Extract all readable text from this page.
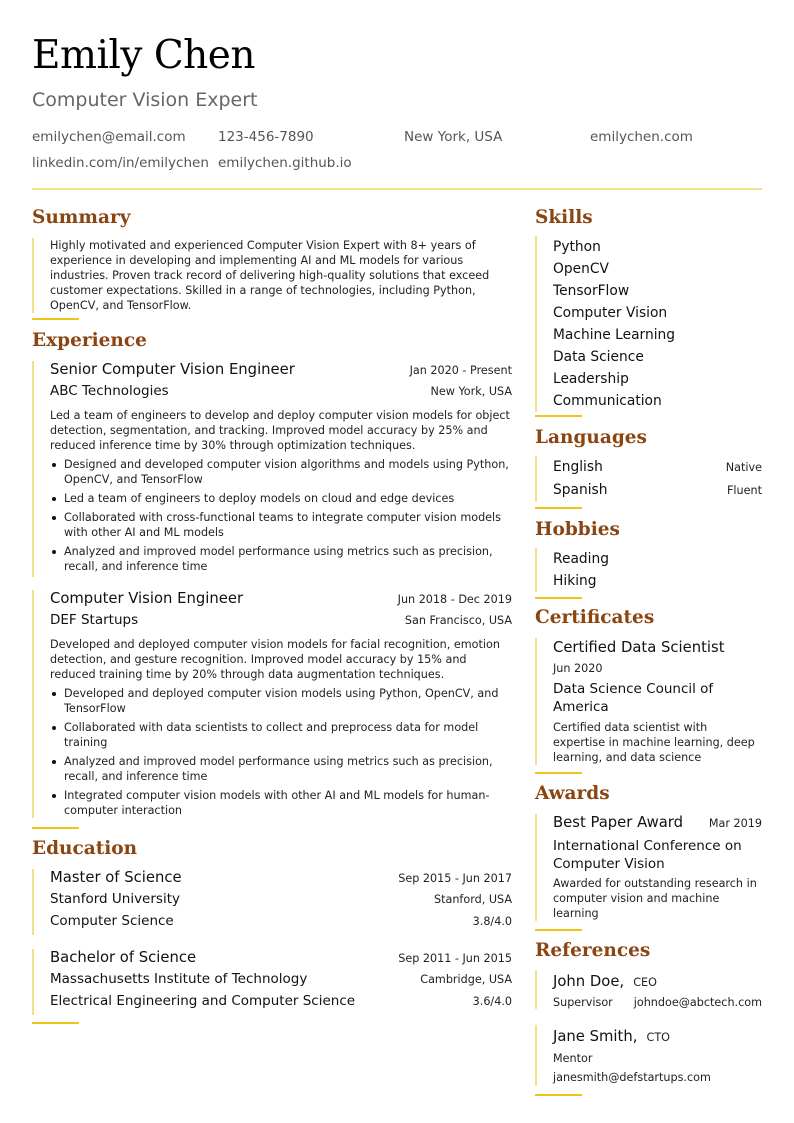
Emily Chen
Computer Vision Expert
emilychen@email.com	123-456-7890	New York, USA	emilychen.com
linkedin.com/in/emilychen emilychen.github.io
Summary
Highly motivated and experienced Computer Vision Expert with 8+ years of experience in developing and implementing AI and ML models for various industries. Proven track record of delivering high-quality solutions that exceed customer expectations. Skilled in a range of technologies, including Python, OpenCV, and TensorFlow.
Experience
Senior Computer Vision Engineer	Jan 2020 - Present
ABC Technologies	New York, USA
Led a team of engineers to develop and deploy computer vision models for object detection, segmentation, and tracking. Improved model accuracy by 25% and reduced inference time by 30% through optimization techniques.
Designed and developed computer vision algorithms and models using Python, OpenCV, and TensorFlow
Led a team of engineers to deploy models on cloud and edge devices
Collaborated with cross-functional teams to integrate computer vision models with other AI and ML models
Analyzed and improved model performance using metrics such as precision, recall, and inference time
Computer Vision Engineer	Jun 2018 - Dec 2019
DEF Startups	San Francisco, USA
Developed and deployed computer vision models for facial recognition, emotion detection, and gesture recognition. Improved model accuracy by 15% and reduced training time by 20% through data augmentation techniques.
Developed and deployed computer vision models using Python, OpenCV, and TensorFlow
Collaborated with data scientists to collect and preprocess data for model training
Analyzed and improved model performance using metrics such as precision, recall, and inference time
Integrated computer vision models with other AI and ML models for human-computer interaction
Education
Master of Science	Sep 2015 - Jun 2017
Stanford University	Stanford, USA
Computer Science	3.8/4.0
Bachelor of Science	Sep 2011 - Jun 2015
Massachusetts Institute of Technology	Cambridge, USA
Electrical Engineering and Computer Science	3.6/4.0
Skills
Python
OpenCV
TensorFlow
Computer Vision
Machine Learning
Data Science
Leadership
Communication
Languages
English	Native
Spanish	Fluent
Hobbies
Reading
Hiking
Certificates
Certified Data Scientist
Jun 2020
Data Science Council of America
Certified data scientist with expertise in machine learning, deep learning, and data science
Awards
Best Paper Award Mar 2019
International Conference on Computer Vision
Awarded for outstanding research in computer vision and machine learning
References
John Doe, CEO
Supervisor johndoe@abctech.com
Jane Smith, CTO
Mentor
janesmith@defstartups.com
